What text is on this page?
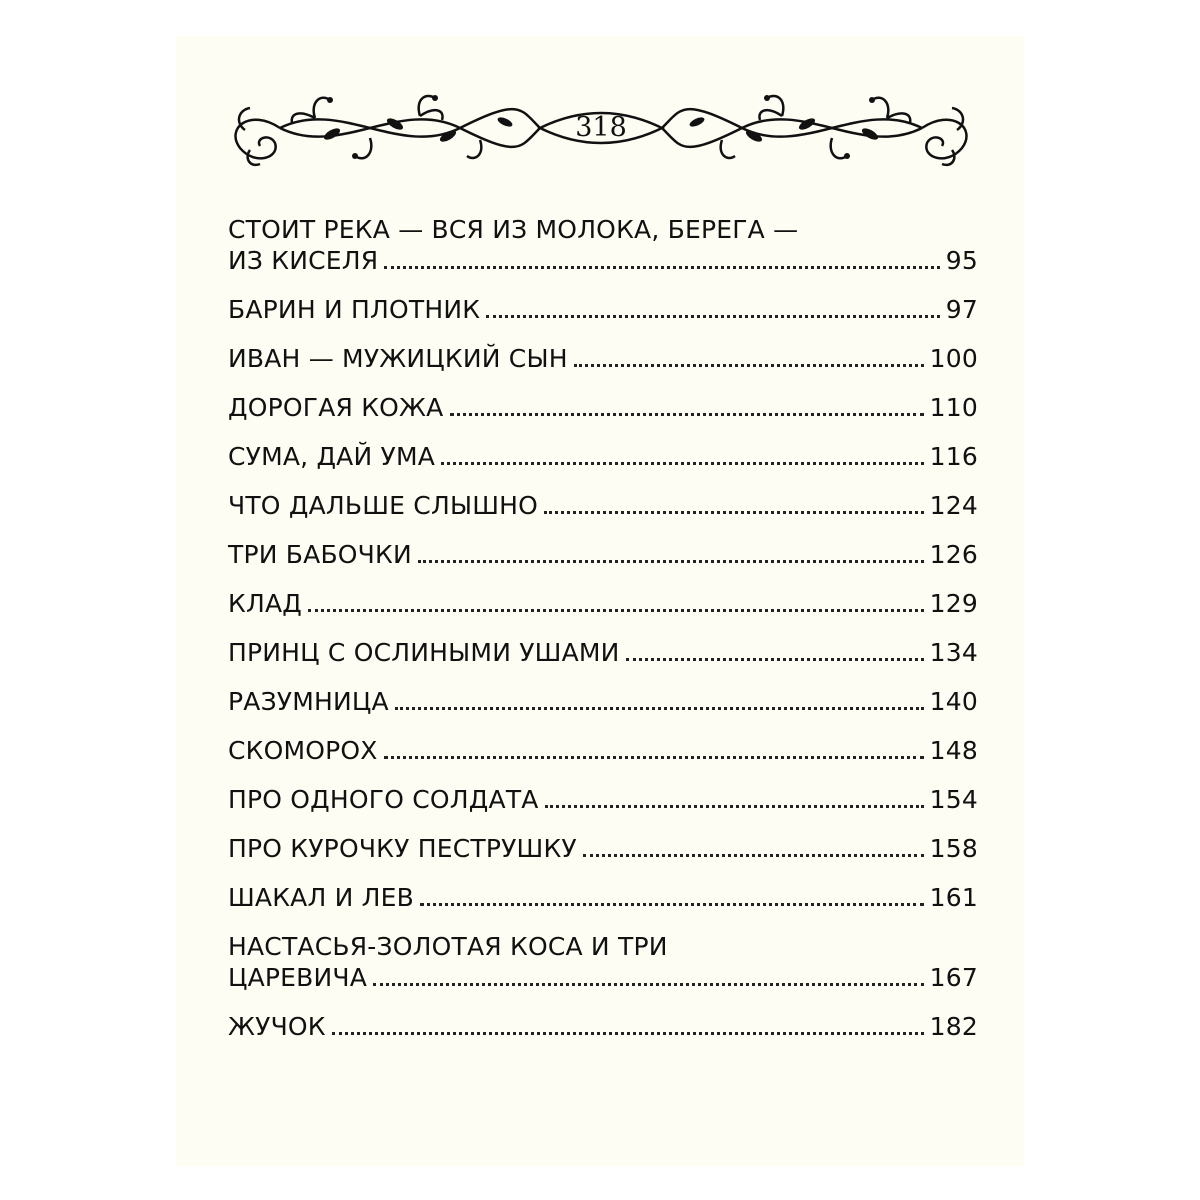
318
СТОИТ РЕКА — ВСЯ ИЗ МОЛОКА, БЕРЕГА —
ИЗ КИСЕЛЯ	95
БАРИН И ПЛОТНИК	97
ИВАН — МУЖИЦКИЙ СЫН	100
ДОРОГАЯ КОЖА	110
СУМА, ДАЙ УМА	116
ЧТО ДАЛЬШЕ СЛЫШНО	124
ТРИ БАБОЧКИ	126
КЛАД	129
ПРИНЦ С ОСЛИНЫМИ УШАМИ	134
РАЗУМНИЦА	140
СКОМОРОХ	148
ПРО ОДНОГО СОЛДАТА	154
ПРО КУРОЧКУ ПЕСТРУШКУ	158
ШАКАЛ И ЛЕВ	161
НАСТАСЬЯ-ЗОЛОТАЯ КОСА И ТРИ
ЦАРЕВИЧА	167
ЖУЧОК	182
